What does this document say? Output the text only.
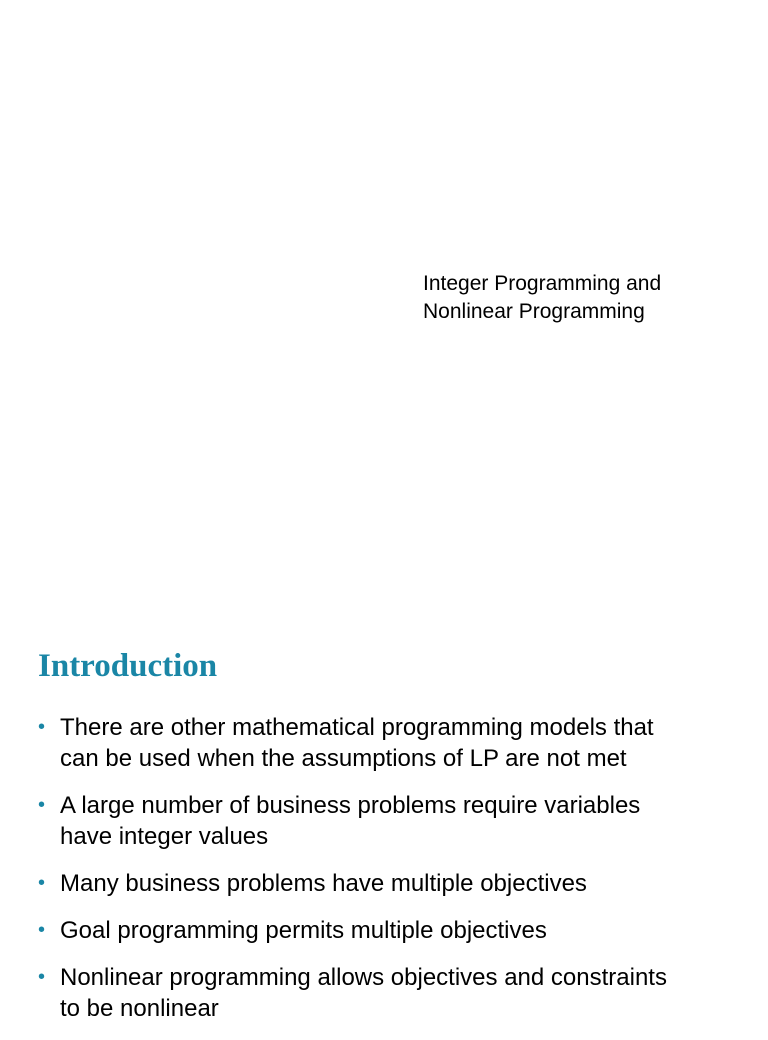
Integer Programming and
Nonlinear Programming
Introduction
• There are other mathematical programming models that
can be used when the assumptions of LP are not met
• A large number of business problems require variables
have integer values
• Many business problems have multiple objectives
• Goal programming permits multiple objectives
• Nonlinear programming allows objectives and constraints
to be nonlinear
